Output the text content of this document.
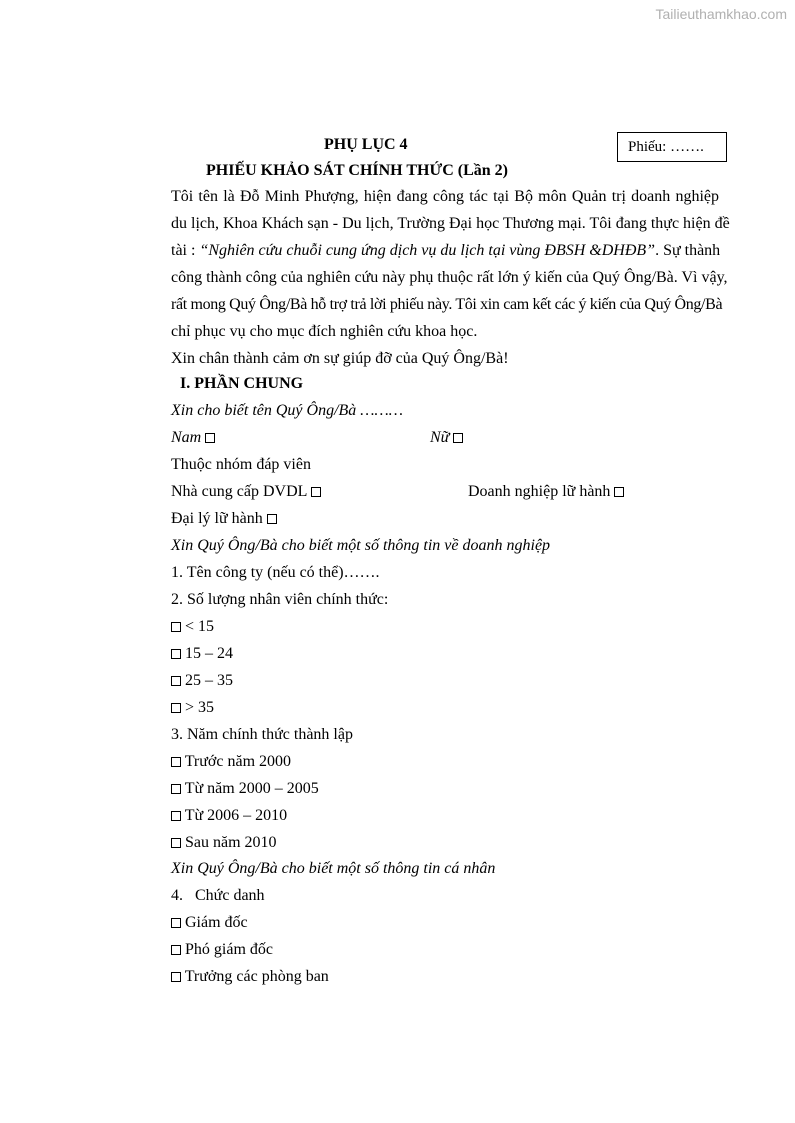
Tailieuthamkhao.com
Phiếu: …….
PHỤ LỤC 4
PHIẾU KHẢO SÁT CHÍNH THỨC (Lần 2)
Tôi tên là Đỗ Minh Phượng, hiện đang công tác tại Bộ môn Quản trị doanh nghiệp
du lịch, Khoa Khách sạn - Du lịch, Trường Đại học Thương mại. Tôi đang thực hiện đề
tài : “Nghiên cứu chuỗi cung ứng dịch vụ du lịch tại vùng ĐBSH &DHĐB”. Sự thành
công thành công của nghiên cứu này phụ thuộc rất lớn ý kiến của Quý Ông/Bà. Vì vậy,
rất mong Quý Ông/Bà hỗ trợ trả lời phiếu này. Tôi xin cam kết các ý kiến của Quý Ông/Bà
chỉ phục vụ cho mục đích nghiên cứu khoa học.
Xin chân thành cảm ơn sự giúp đỡ của Quý Ông/Bà!
I. PHẦN CHUNG
Xin cho biết tên Quý Ông/Bà ………
Nam	Nữ
Thuộc nhóm đáp viên
Nhà cung cấp DVDL	Doanh nghiệp lữ hành
Đại lý lữ hành
Xin Quý Ông/Bà cho biết một số thông tin về doanh nghiệp
1. Tên công ty (nếu có thể)…….
2. Số lượng nhân viên chính thức:
< 15
15 – 24
25 – 35
> 35
3. Năm chính thức thành lập
Trước năm 2000
Từ năm 2000 – 2005
Từ 2006 – 2010
Sau năm 2010
Xin Quý Ông/Bà cho biết một số thông tin cá nhân
4. Chức danh
Giám đốc
Phó giám đốc
Trưởng các phòng ban
